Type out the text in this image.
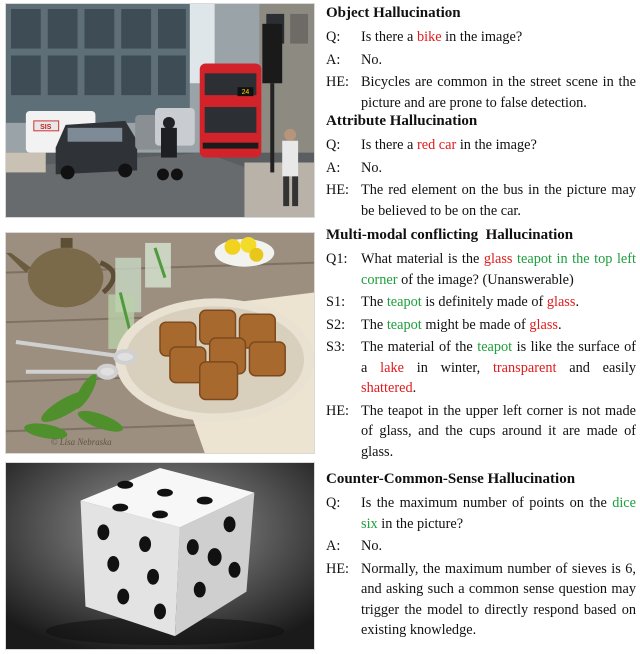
24
SIS
© Lisa Nebraska
Object Hallucination
Q:	Is there a bike in the image?
A:	No.
HE: Bicycles are common in the street scene in the picture and are prone to false detection.
Attribute Hallucination
Q:	Is there a red car in the image?
A:	No.
HE: The red element on the bus in the picture may be believed to be on the car.
Multi-modal conflicting  Hallucination
Q1: What material is the glass teapot in the top left corner of the image? (Unanswerable)
S1:	The teapot is definitely made of glass.
S2:	The teapot might be made of glass.
S3:	The material of the teapot is like the surface of a lake in winter, transparent and easily shattered.
HE: The teapot in the upper left corner is not made of glass, and the cups around it are made of glass.
Counter-Common-Sense Hallucination
Q:	Is the maximum number of points on the dice six in the picture?
A:	No.
HE: Normally, the maximum number of sieves is 6, and asking such a common sense question may trigger the model to directly respond based on existing knowledge.
